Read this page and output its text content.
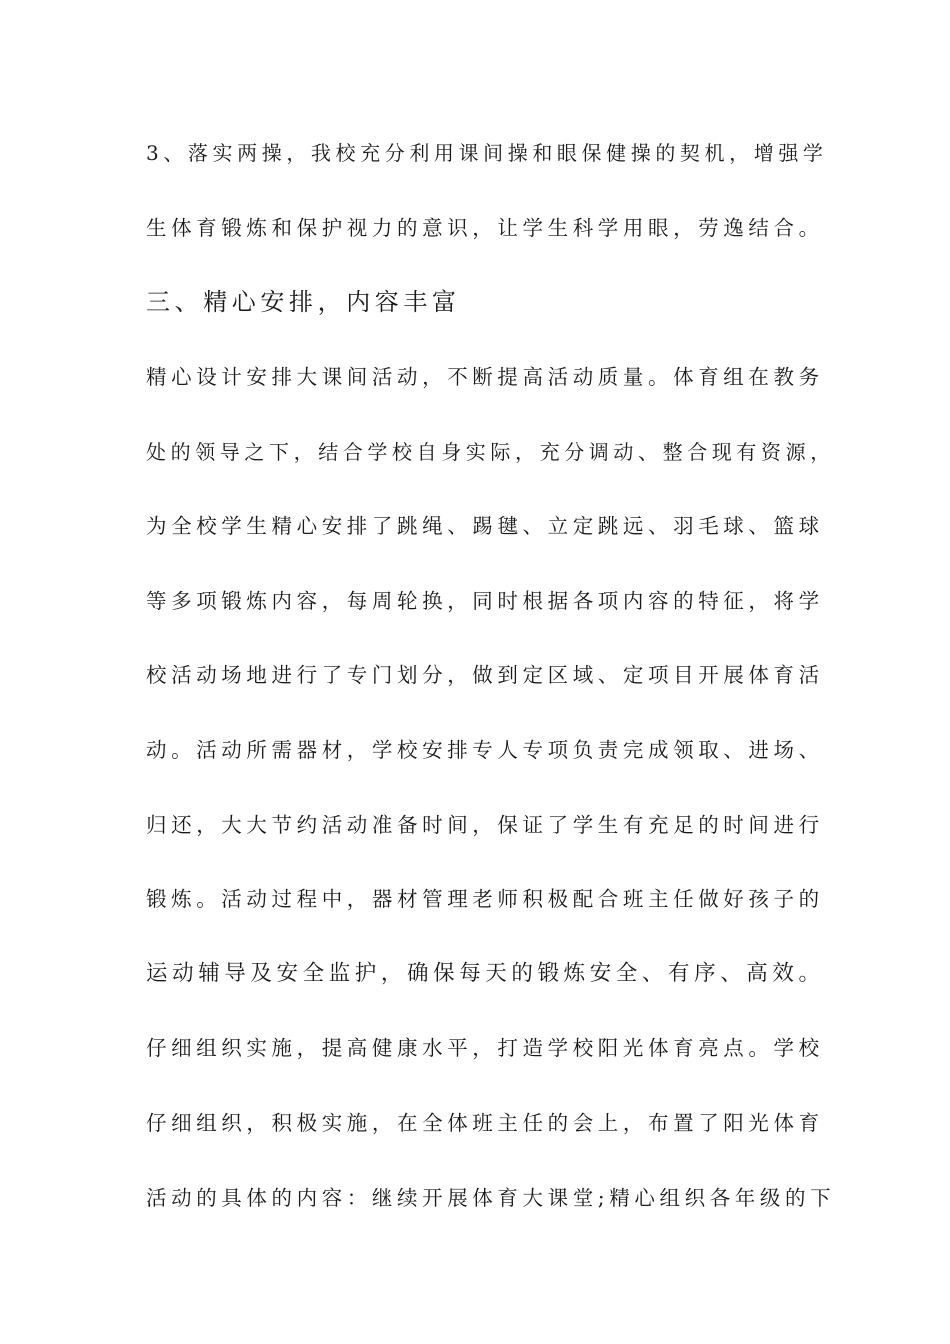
3、落实两操，我校充分利用课间操和眼保健操的契机，增强学
生体育锻炼和保护视力的意识，让学生科学用眼，劳逸结合。
三、精心安排，内容丰富
精心设计安排大课间活动，不断提高活动质量。体育组在教务
处的领导之下，结合学校自身实际，充分调动、整合现有资源，
为全校学生精心安排了跳绳、踢毽、立定跳远、羽毛球、篮球
等多项锻炼内容，每周轮换，同时根据各项内容的特征，将学
校活动场地进行了专门划分，做到定区域、定项目开展体育活
动。活动所需器材，学校安排专人专项负责完成领取、进场、
归还，大大节约活动准备时间，保证了学生有充足的时间进行
锻炼。活动过程中，器材管理老师积极配合班主任做好孩子的
运动辅导及安全监护，确保每天的锻炼安全、有序、高效。
仔细组织实施，提高健康水平，打造学校阳光体育亮点。学校
仔细组织，积极实施，在全体班主任的会上，布置了阳光体育
活动的具体的内容：继续开展体育大课堂;精心组织各年级的下
